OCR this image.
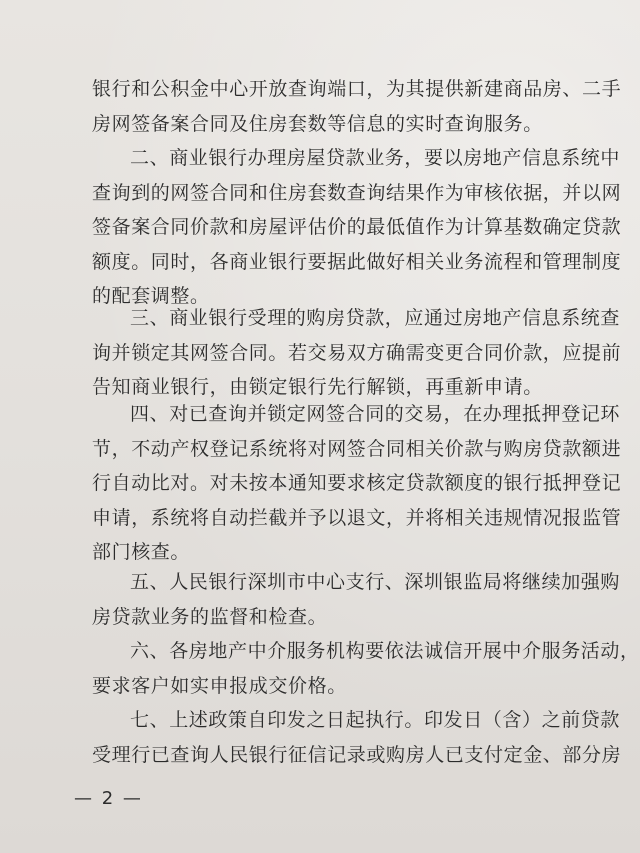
银行和公积金中心开放查询端口，为其提供新建商品房、二手
房网签备案合同及住房套数等信息的实时查询服务。
二、商业银行办理房屋贷款业务，要以房地产信息系统中
查询到的网签合同和住房套数查询结果作为审核依据，并以网
签备案合同价款和房屋评估价的最低值作为计算基数确定贷款
额度。同时，各商业银行要据此做好相关业务流程和管理制度
的配套调整。
三、商业银行受理的购房贷款，应通过房地产信息系统查
询并锁定其网签合同。若交易双方确需变更合同价款，应提前
告知商业银行，由锁定银行先行解锁，再重新申请。
四、对已查询并锁定网签合同的交易，在办理抵押登记环
节，不动产权登记系统将对网签合同相关价款与购房贷款额进
行自动比对。对未按本通知要求核定贷款额度的银行抵押登记
申请，系统将自动拦截并予以退文，并将相关违规情况报监管
部门核查。
五、人民银行深圳市中心支行、深圳银监局将继续加强购
房贷款业务的监督和检查。
六、各房地产中介服务机构要依法诚信开展中介服务活动，
要求客户如实申报成交价格。
七、上述政策自印发之日起执行。印发日（含）之前贷款
受理行已查询人民银行征信记录或购房人已支付定金、部分房
— 2 —
